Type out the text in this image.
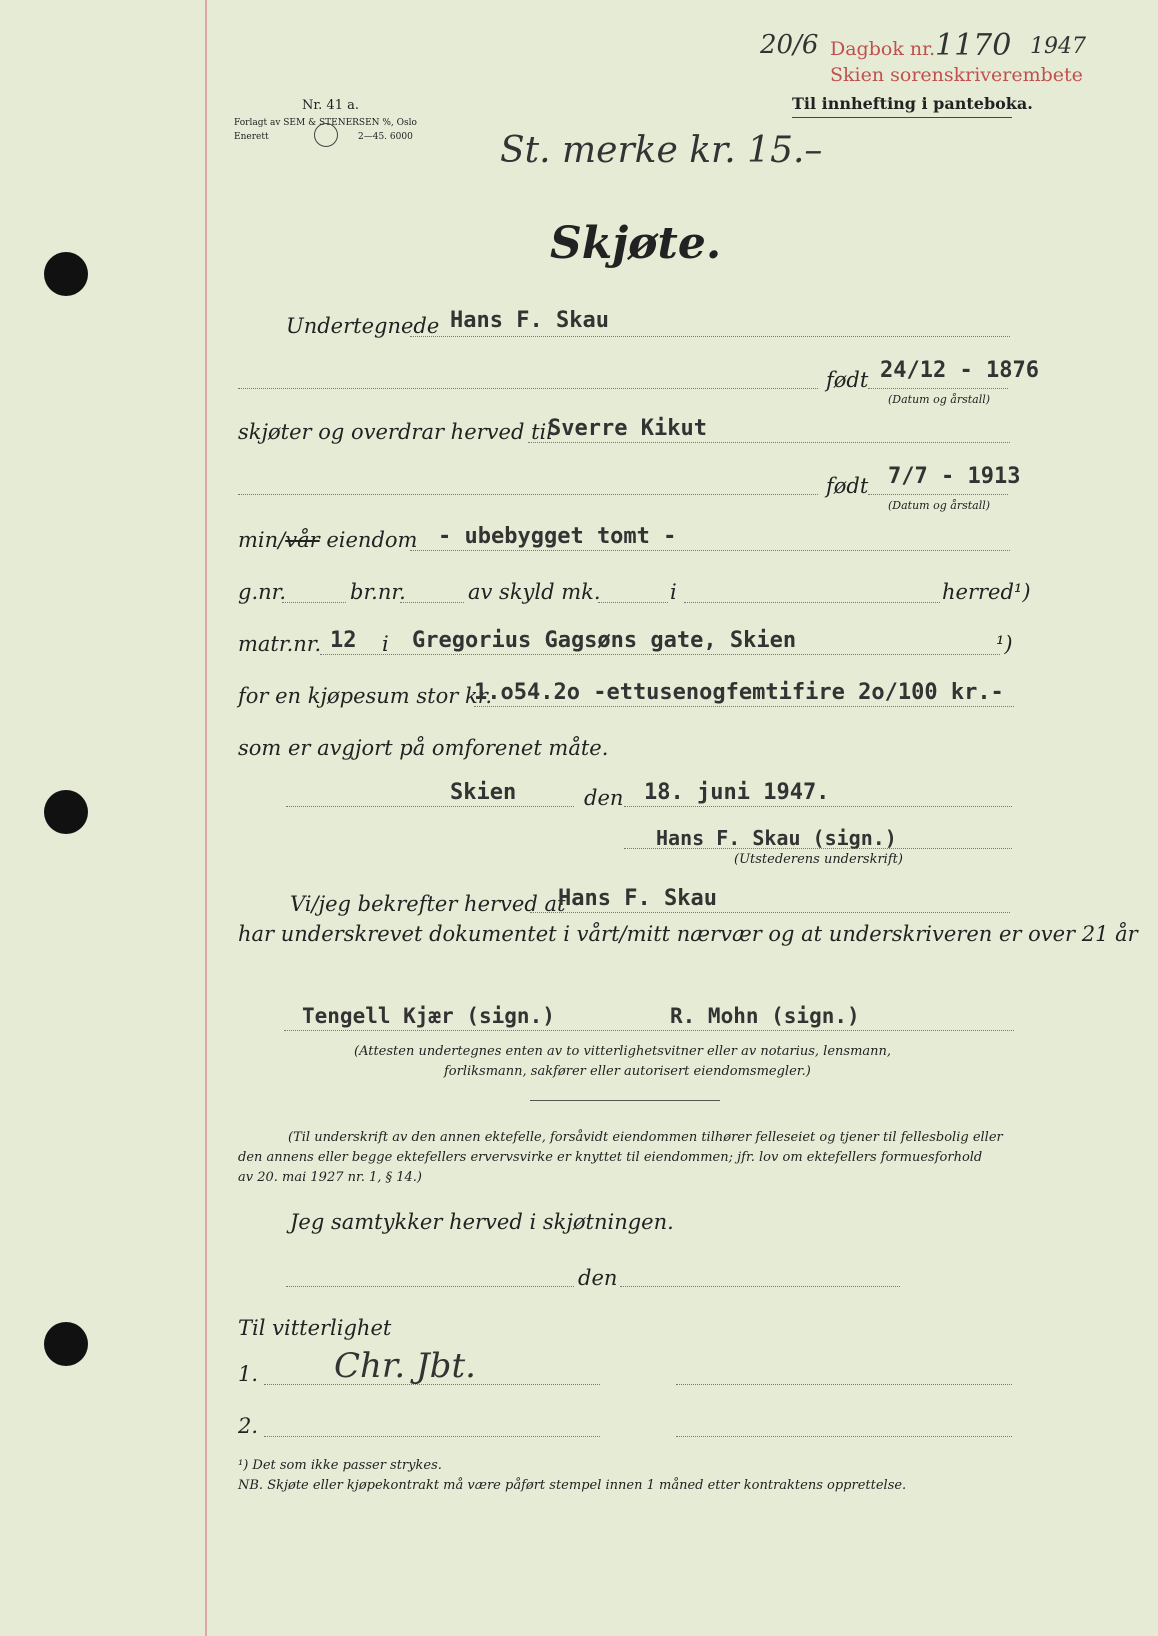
20/6 Dagbok nr. 1170 1947
Skien sorenskriverembete
Til innhefting i panteboka.
Nr. 41 a.
Forlagt av SEM & STENERSEN %, Oslo
Enerett	2—45. 6000 St. merke kr. 15.–
Skjøte.
Undertegnede Hans F. Skau
født 24/12 - 1876
(Datum og årstall)
skjøter og overdrar herved til
Sverre Kikut
født 7/7 - 1913
(Datum og årstall)
min/vår eiendom - ubebygget tomt -
g.nr.	br.nr.	av skyld mk.	i	herred¹)
matr.nr. 12 i Gregorius Gagsøns gate, Skien	¹)
for en kjøpesum stor kr.
1.o54.2o -ettusenogfemtifire 2o/100 kr.-
som er avgjort på omforenet måte.
Skien	den 18. juni 1947.
Hans F. Skau (sign.)
(Utstederens underskrift)
Vi/jeg bekrefter herved at
Hans F. Skau
har underskrevet dokumentet i vårt/mitt nærvær og at underskriveren er over 21 år
Tengell Kjær (sign.)	R. Mohn (sign.)
(Attesten undertegnes enten av to vitterlighetsvitner eller av notarius, lensmann,
forliksmann, sakfører eller autorisert eiendomsmegler.)
(Til underskrift av den annen ektefelle, forsåvidt eiendommen tilhører felleseiet og tjener til fellesbolig eller
den annens eller begge ektefellers ervervsvirke er knyttet til eiendommen; jfr. lov om ektefellers formuesforhold
av 20. mai 1927 nr. 1, § 14.)
Jeg samtykker herved i skjøtningen.
den
Til vitterlighet
1. Chr. Jbt.
2.
¹) Det som ikke passer strykes.
NB. Skjøte eller kjøpekontrakt må være påført stempel innen 1 måned etter kontraktens opprettelse.
